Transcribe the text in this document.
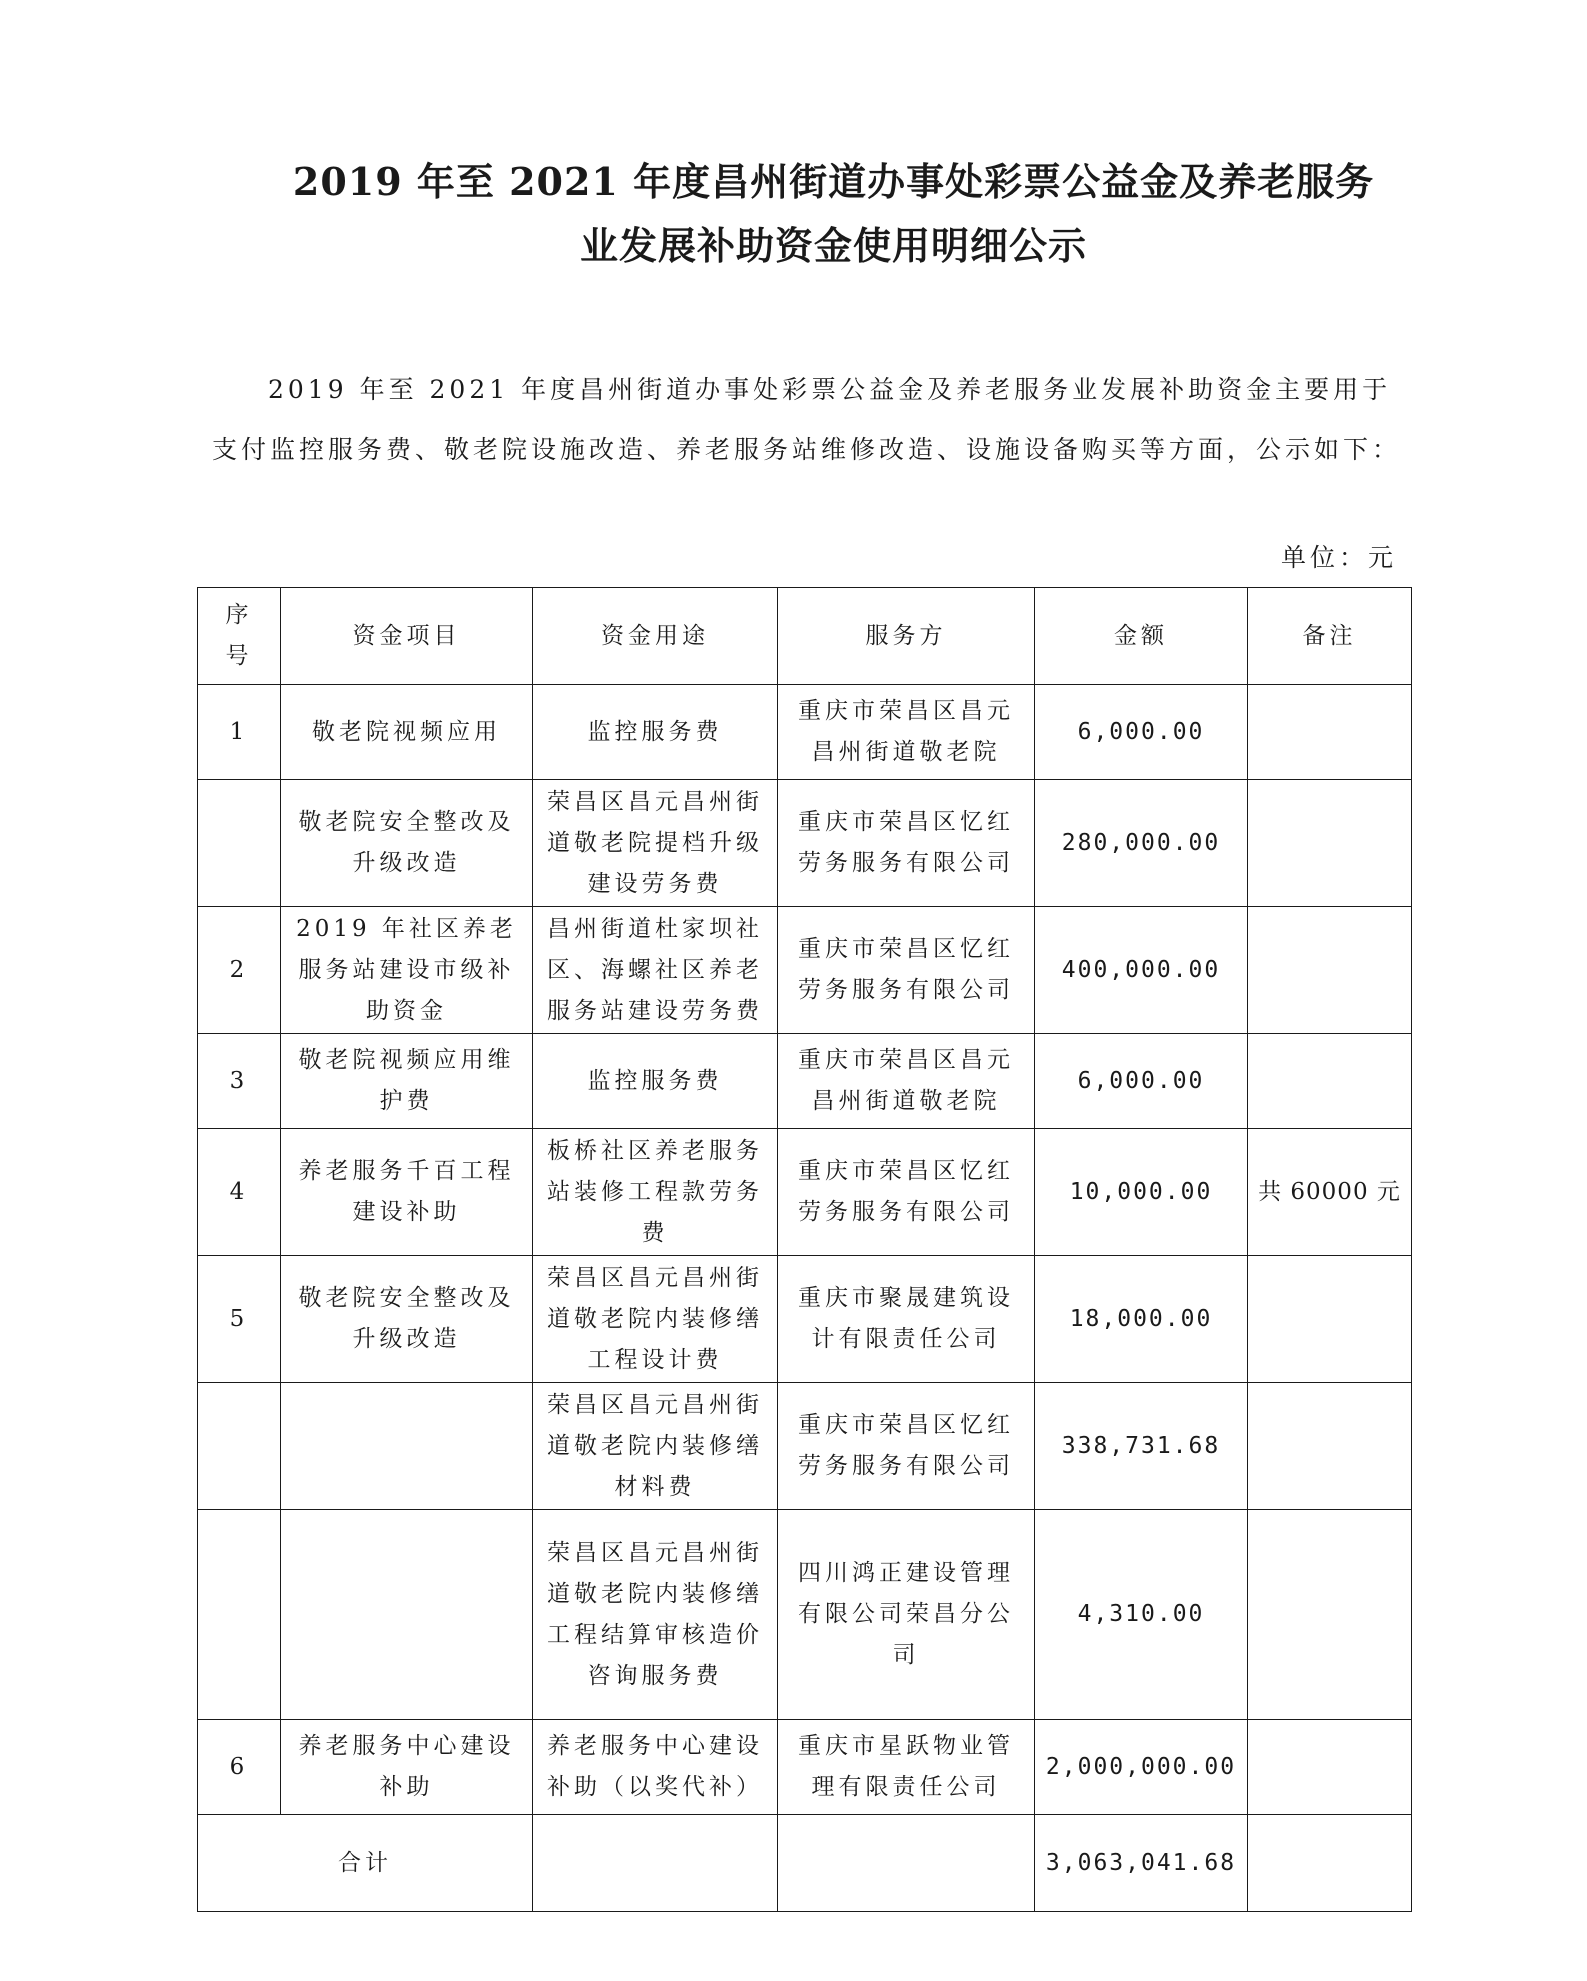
2019 年至 2021 年度昌州街道办事处彩票公益金及养老服务
业发展补助资金使用明细公示
2019 年至 2021 年度昌州街道办事处彩票公益金及养老服务业发展补助资金主要用于支付监控服务费、敬老院设施改造、养老服务站维修改造、设施设备购买等方面，公示如下：
单位：元
序号	资金项目	资金用途	服务方	金额	备注
1	敬老院视频应用	监控服务费	重庆市荣昌区昌元昌州街道敬老院	6,000.00	
	敬老院安全整改及升级改造	荣昌区昌元昌州街道敬老院提档升级建设劳务费	重庆市荣昌区忆红劳务服务有限公司	280,000.00	
2	2019 年社区养老服务站建设市级补助资金	昌州街道杜家坝社区、海螺社区养老服务站建设劳务费	重庆市荣昌区忆红劳务服务有限公司	400,000.00	
3	敬老院视频应用维护费	监控服务费	重庆市荣昌区昌元昌州街道敬老院	6,000.00	
4	养老服务千百工程建设补助	板桥社区养老服务站装修工程款劳务费	重庆市荣昌区忆红劳务服务有限公司	10,000.00	共 60000 元
5	敬老院安全整改及升级改造	荣昌区昌元昌州街道敬老院内装修缮工程设计费	重庆市聚晟建筑设计有限责任公司	18,000.00	
		荣昌区昌元昌州街道敬老院内装修缮材料费	重庆市荣昌区忆红劳务服务有限公司	338,731.68	
		荣昌区昌元昌州街道敬老院内装修缮工程结算审核造价咨询服务费	四川鸿正建设管理有限公司荣昌分公司	4,310.00	
6	养老服务中心建设补助	养老服务中心建设补助（以奖代补）	重庆市星跃物业管理有限责任公司	2,000,000.00	
合计				3,063,041.68	
